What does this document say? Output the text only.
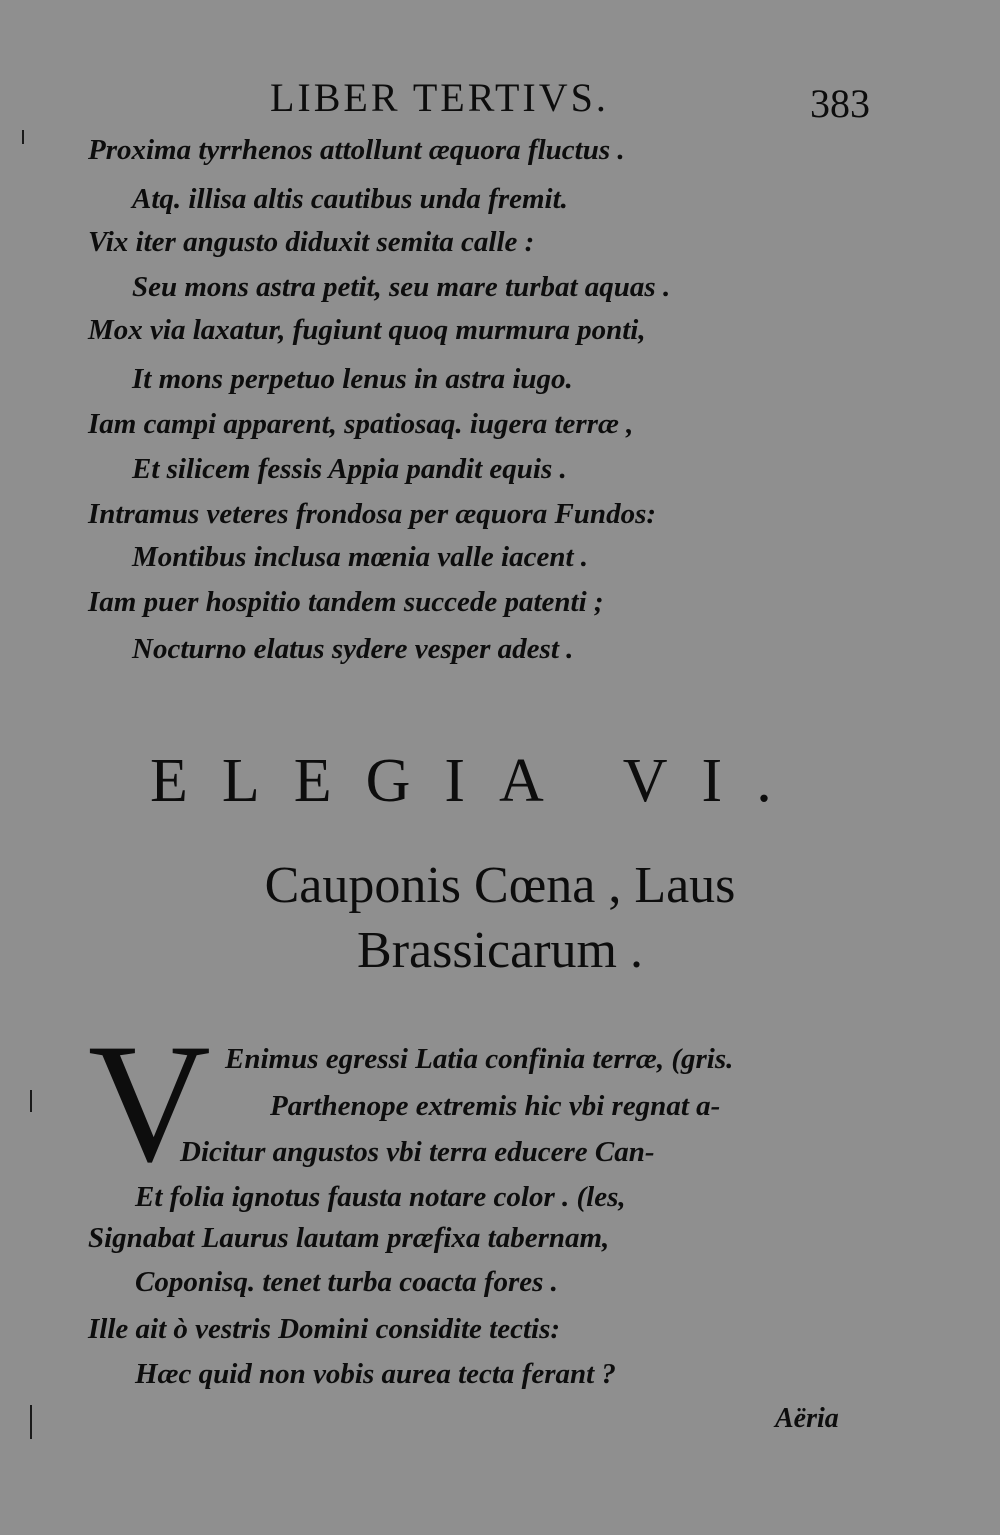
LIBER TERTIVS.	383
Proxima tyrrhenos attollunt æquora fluctus .
Atq. illisa altis cautibus unda fremit.
Vix iter angusto diduxit semita calle :
Seu mons astra petit, seu mare turbat aquas .
Mox via laxatur, fugiunt quoq murmura ponti,
It mons perpetuo lenus in astra iugo.
Iam campi apparent, spatiosaq. iugera terræ ,
Et silicem fessis Appia pandit equis .
Intramus veteres frondosa per æquora Fundos:
Montibus inclusa mœnia valle iacent .
Iam puer hospitio tandem succede patenti ;
Nocturno elatus sydere vesper adest .
ELEGIA VI.
Cauponis Cœna , Laus
Brassicarum .
V Enimus egressi Latia confinia terræ, (gris.
Parthenope extremis hic vbi regnat a-
Dicitur angustos vbi terra educere Can-
Et folia ignotus fausta notare color . (les,
Signabat Laurus lautam præfixa tabernam,
Coponisq. tenet turba coacta fores .
Ille ait ò vestris Domini considite tectis:
Hæc quid non vobis aurea tecta ferant ?
Aëria
